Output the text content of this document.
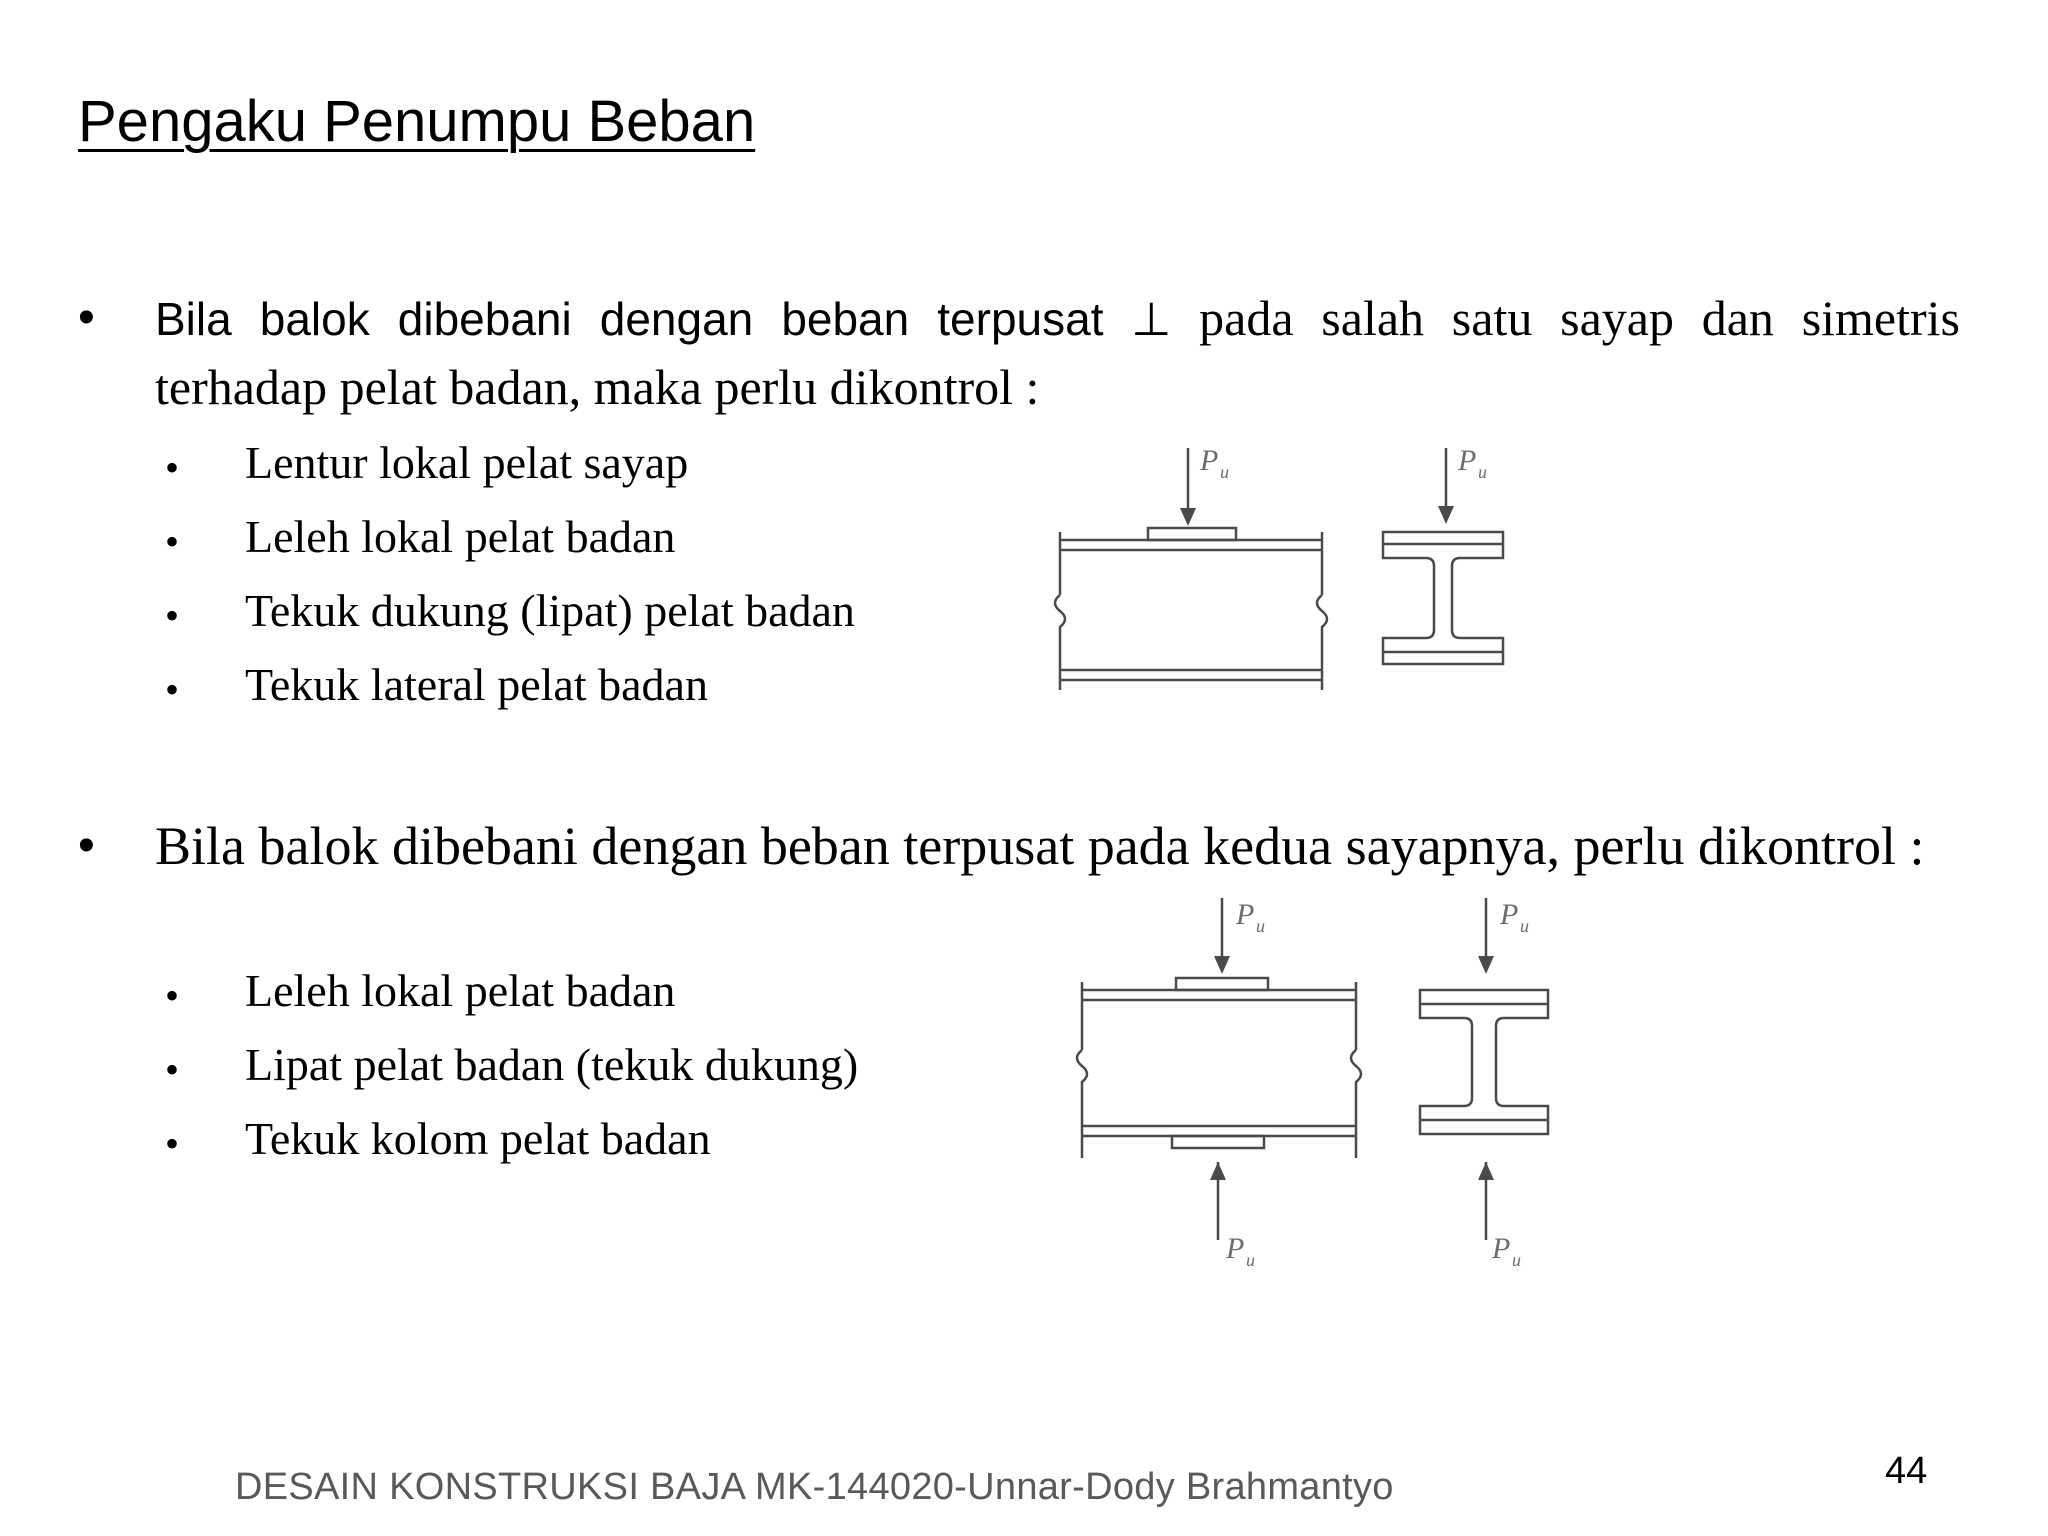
Pengaku Penumpu Beban
• Bila balok dibebani dengan beban terpusat ⊥ pada salah satu sayap dan simetris terhadap pelat badan, maka perlu dikontrol :
• Lentur lokal pelat sayap
• Leleh lokal pelat badan
• Tekuk dukung (lipat) pelat badan
• Tekuk lateral pelat badan
P u	P u
• Bila balok dibebani dengan beban terpusat pada kedua sayapnya, perlu dikontrol :
• Leleh lokal pelat badan
• Lipat pelat badan (tekuk dukung)
• Tekuk kolom pelat badan
P u	P u
P u	P u
DESAIN KONSTRUKSI BAJA MK-144020-Unnar-Dody Brahmantyo	44
